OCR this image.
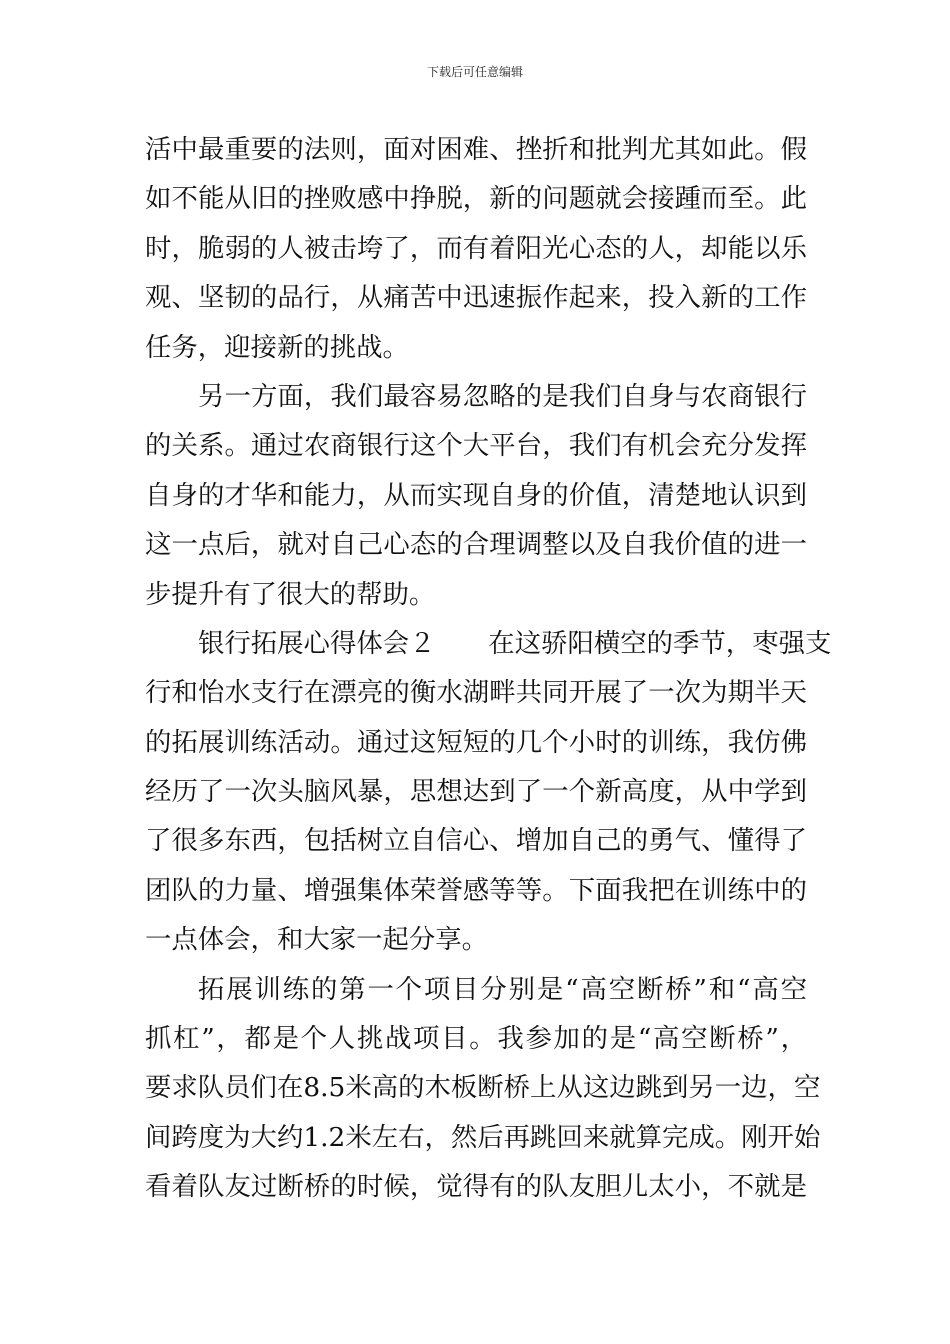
下载后可任意编辑
活中最重要的法则，面对困难、挫折和批判尤其如此。假
如不能从旧的挫败感中挣脱，新的问题就会接踵而至。此
时，脆弱的人被击垮了，而有着阳光心态的人，却能以乐
观、坚韧的品行，从痛苦中迅速振作起来，投入新的工作
任务，迎接新的挑战。
另一方面，我们最容易忽略的是我们自身与农商银行
的关系。通过农商银行这个大平台，我们有机会充分发挥
自身的才华和能力，从而实现自身的价值，清楚地认识到
这一点后，就对自己心态的合理调整以及自我价值的进一
步提升有了很大的帮助。
银行拓展心得体会２　　在这骄阳横空的季节，枣强支
行和怡水支行在漂亮的衡水湖畔共同开展了一次为期半天
的拓展训练活动。通过这短短的几个小时的训练，我仿佛
经历了一次头脑风暴，思想达到了一个新高度，从中学到
了很多东西，包括树立自信心、增加自己的勇气、懂得了
团队的力量、增强集体荣誉感等等。下面我把在训练中的
一点体会，和大家一起分享。
拓展训练的第一个项目分别是“高空断桥”和“高空
抓杠”，都是个人挑战项目。我参加的是“高空断桥”，
要求队员们在8.5米高的木板断桥上从这边跳到另一边，空
间跨度为大约1.2米左右，然后再跳回来就算完成。刚开始
看着队友过断桥的时候，觉得有的队友胆儿太小，不就是
